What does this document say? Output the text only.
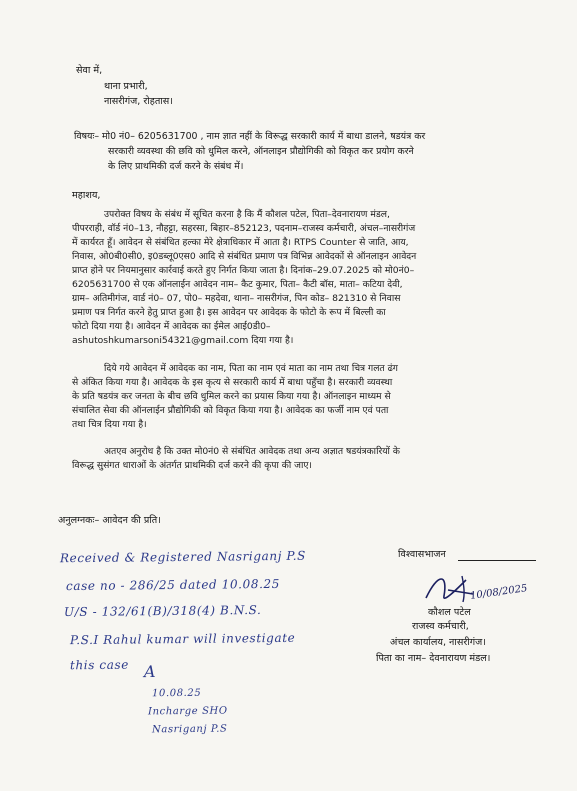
सेवा में,
थाना प्रभारी,
नासरीगंज, रोहतास।
विषयः– मो0 नं0– 6205631700 , नाम ज्ञात नहीं के विरूद्ध सरकारी कार्य में बाधा डालने, षडयंत्र कर
सरकारी व्यवस्था की छवि को धुमिल करने, ऑनलाइन प्रौद्योगिकी को विकृत कर प्रयोग करने
के लिए प्राथमिकी दर्ज करने के संबंध में।
महाशय,
उपरोक्त विषय के संबंध में सूचित करना है कि मैं कौशल पटेल, पिता–देवनारायण मंडल,
पीपरराही, वॉर्ड नं0–13, नौहट्टा, सहरसा, बिहार–852123, पदनाम–राजस्व कर्मचारी, अंचल–नासरीगंज
में कार्यरत हूँ। आवेदन से संबंधित हल्का मेरे क्षेत्राधिकार में आता है। RTPS Counter से जाति, आय,
निवास, ओ0बी0सी0, इ0डब्लू0एस0 आदि से संबंधित प्रमाण पत्र विभिन्न आवेदकों से ऑनलाइन आवेदन
प्राप्त होने पर नियमानुसार कार्रवाई करते हुए निर्गत किया जाता है। दिनांक–29.07.2025 को मो0नं0–
6205631700 से एक ऑनलाईन आवेदन नाम– कैट कुमार, पिता– कैटी बॉस, माता– कटिया देवी,
ग्राम– अतिमीगंज, वार्ड नं0– 07, पो0– महदेवा, थाना– नासरीगंज, पिन कोड– 821310 से निवास
प्रमाण पत्र निर्गत करने हेतु प्राप्त हुआ है। इस आवेदन पर आवेदक के फोटो के रूप में बिल्ली का
फोटो दिया गया है। आवेदन में आवेदक का ईमेल आई0डी0–
ashutoshkumarsoni54321@gmail.com दिया गया है।
दिये गये आवेदन में आवेदक का नाम, पिता का नाम एवं माता का नाम तथा चित्र गलत ढंग
से अंकित किया गया है। आवेदक के इस कृत्य से सरकारी कार्य में बाधा पहुँचा है। सरकारी व्यवस्था
के प्रति षडयंत्र कर जनता के बीच छवि धुमिल करने का प्रयास किया गया है। ऑनलाइन माध्यम से
संचालित सेवा की ऑनलाईन प्रौद्योगिकी को विकृत किया गया है। आवेदक का फर्जी नाम एवं पता
तथा चित्र दिया गया है।
अतएव अनुरोध है कि उक्त मो0नं0 से संबंधित आवेदक तथा अन्य अज्ञात षडयंत्रकारियों के
विरूद्ध सुसंगत धाराओं के अंतर्गत प्राथमिकी दर्ज करने की कृपा की जाए।
अनुलग्नकः– आवेदन की प्रति।
विश्वासभाजन
10/08/2025
कौशल पटेल
राजस्व कर्मचारी,
अंचल कार्यालय, नासरीगंज।
पिता का नाम– देवनारायण मंडल।
Received & Registered Nasriganj P.S
case no - 286/25 dated 10.08.25
U/S - 132/61(B)/318(4) B.N.S.
P.S.I Rahul kumar will investigate
this case A
10.08.25
Incharge SHO
Nasriganj P.S
